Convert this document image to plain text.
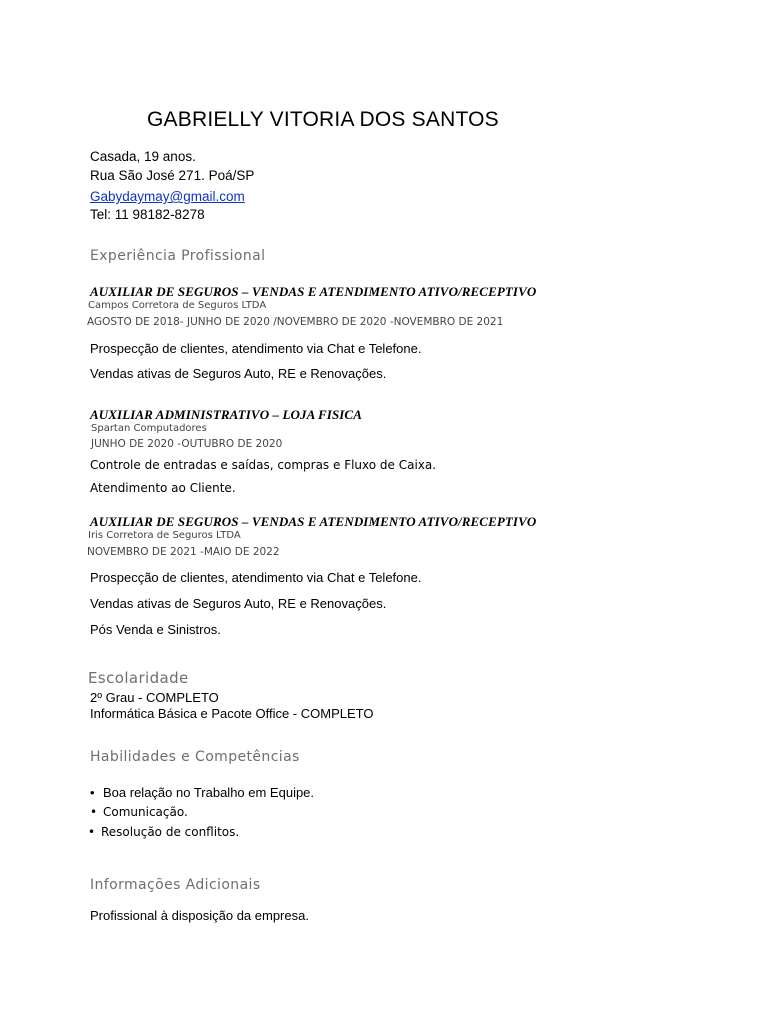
GABRIELLY VITORIA DOS SANTOS
Casada, 19 anos.
Rua São José 271. Poá/SP
Gabydaymay@gmail.com
Tel: 11 98182-8278
Experiência Profissional
AUXILIAR DE SEGUROS – VENDAS E ATENDIMENTO ATIVO/RECEPTIVO
Campos Corretora de Seguros LTDA
AGOSTO DE 2018- JUNHO DE 2020 /NOVEMBRO DE 2020 -NOVEMBRO DE 2021
Prospecção de clientes, atendimento via Chat e Telefone.
Vendas ativas de Seguros Auto, RE e Renovações.
AUXILIAR ADMINISTRATIVO – LOJA FISICA
Spartan Computadores
JUNHO DE 2020 -OUTUBRO DE 2020
Controle de entradas e saídas, compras e Fluxo de Caixa.
Atendimento ao Cliente.
AUXILIAR DE SEGUROS – VENDAS E ATENDIMENTO ATIVO/RECEPTIVO
Iris Corretora de Seguros LTDA
NOVEMBRO DE 2021 -MAIO DE 2022
Prospecção de clientes, atendimento via Chat e Telefone.
Vendas ativas de Seguros Auto, RE e Renovações.
Pós Venda e Sinistros.
Escolaridade
2º Grau - COMPLETO
Informática Básica e Pacote Office - COMPLETO
Habilidades e Competências
• Boa relação no Trabalho em Equipe.
• Comunicação.
• Resolução de conflitos.
Informações Adicionais
Profissional à disposição da empresa.
